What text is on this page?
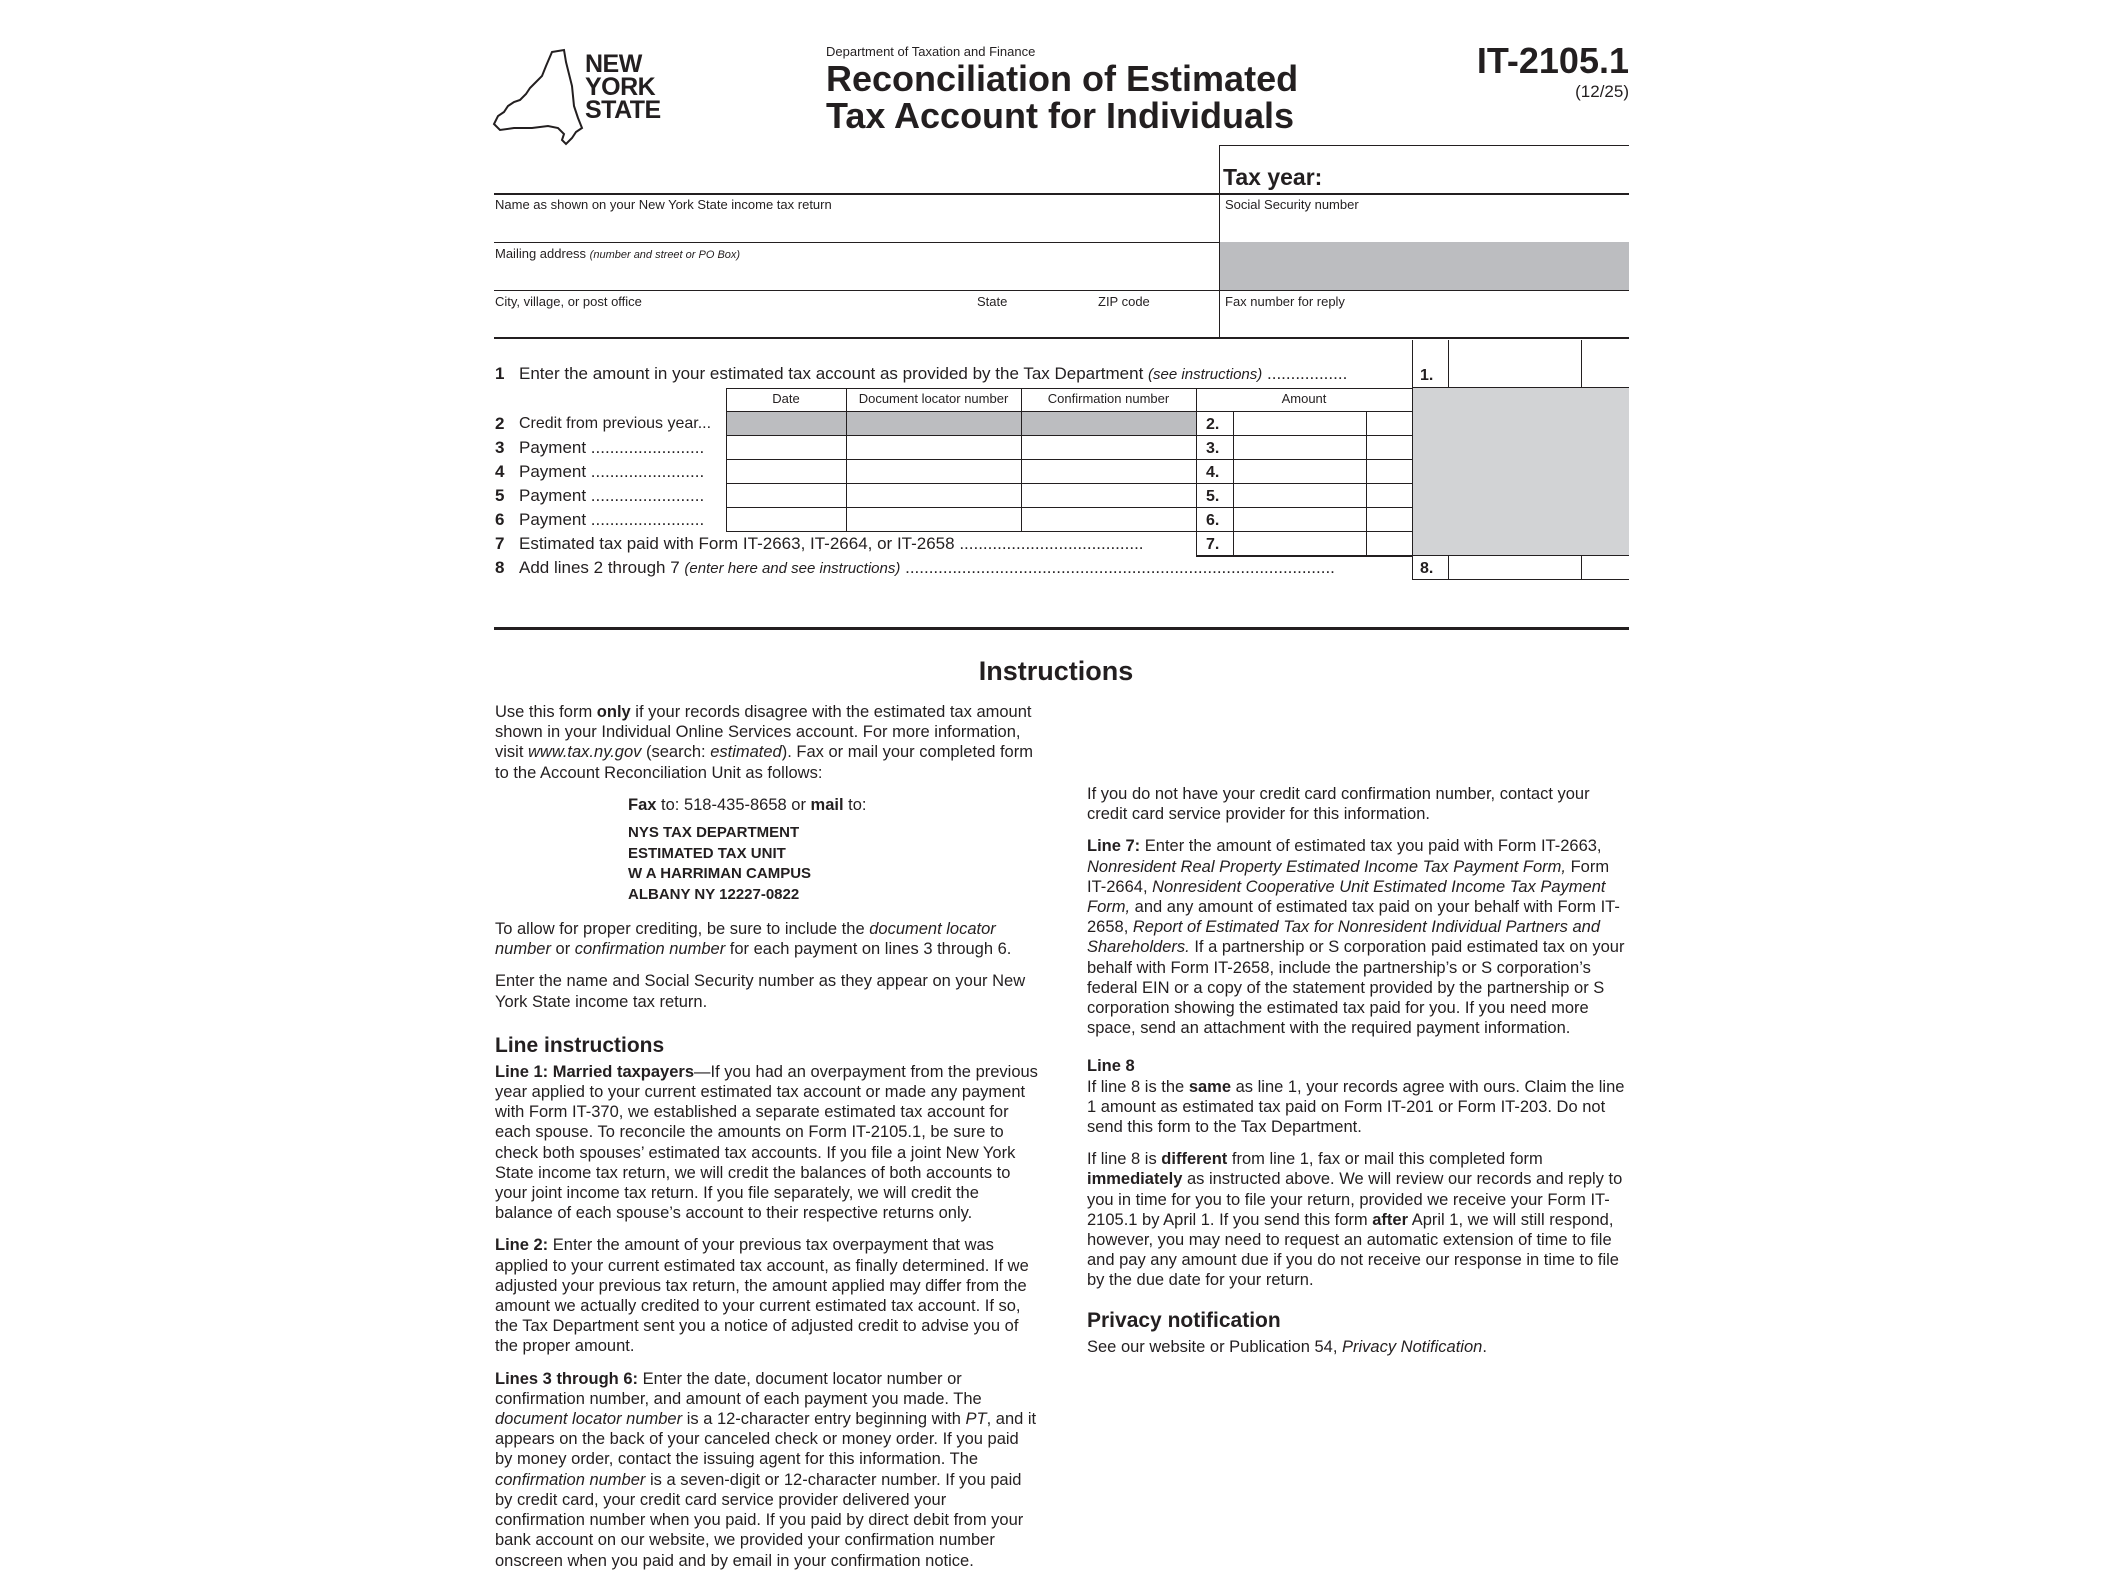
NEW
YORK
STATE
Department of Taxation and Finance
Reconciliation of Estimated
Tax Account for Individuals
IT-2105.1
(12/25)
Tax year:
Name as shown on your New York State income tax return	Social Security number
Mailing address (number and street or PO Box)
City, village, or post office	State	ZIP code	Fax number for reply
1 Enter the amount in your estimated tax account as provided by the Tax Department (see instructions) .................	1.
Date	Document locator number	Confirmation number	Amount
2 Credit from previous year...	2.
3 Payment ........................	3.
4 Payment ........................	4.
5 Payment ........................	5.
6 Payment ........................	6.
7 Estimated tax paid with Form IT-2663, IT-2664, or IT-2658 .......................................	7.
8 Add lines 2 through 7 (enter here and see instructions) ...........................................................................................	8.
Instructions

Use this form only if your records disagree with the estimated tax amount shown in your Individual Online Services account. For more information, visit www.tax.ny.gov (search: estimated). Fax or mail your completed form to the Account Reconciliation Unit as follows:

Fax to: 518-435-8658 or mail to:

NYS TAX DEPARTMENT
ESTIMATED TAX UNIT
W A HARRIMAN CAMPUS
ALBANY NY 12227-0822

To allow for proper crediting, be sure to include the document locator number or confirmation number for each payment on lines 3 through 6.

Enter the name and Social Security number as they appear on your New York State income tax return.

Line instructions

Line 1: Married taxpayers—If you had an overpayment from the previous year applied to your current estimated tax account or made any payment with Form IT-370, we established a separate estimated tax account for each spouse. To reconcile the amounts on Form IT-2105.1, be sure to check both spouses’ estimated tax accounts. If you file a joint New York State income tax return, we will credit the balances of both accounts to your joint income tax return. If you file separately, we will credit the balance of each spouse’s account to their respective returns only.

Line 2: Enter the amount of your previous tax overpayment that was applied to your current estimated tax account, as finally determined. If we adjusted your previous tax return, the amount applied may differ from the amount we actually credited to your current estimated tax account. If so, the Tax Department sent you a notice of adjusted credit to advise you of the proper amount.

Lines 3 through 6: Enter the date, document locator number or confirmation number, and amount of each payment you made. The document locator number is a 12-character entry beginning with PT, and it appears on the back of your canceled check or money order. If you paid by money order, contact the issuing agent for this information. The confirmation number is a seven-digit or 12-character number. If you paid by credit card, your credit card service provider delivered your confirmation number when you paid. If you paid by direct debit from your bank account on our website, we provided your confirmation number onscreen when you paid and by email in your confirmation notice.

If you do not have your credit card confirmation number, contact your credit card service provider for this information.

Line 7: Enter the amount of estimated tax you paid with Form IT-2663, Nonresident Real Property Estimated Income Tax Payment Form, Form IT-2664, Nonresident Cooperative Unit Estimated Income Tax Payment Form, and any amount of estimated tax paid on your behalf with Form IT-2658, Report of Estimated Tax for Nonresident Individual Partners and Shareholders. If a partnership or S corporation paid estimated tax on your behalf with Form IT-2658, include the partnership’s or S corporation’s federal EIN or a copy of the statement provided by the partnership or S corporation showing the estimated tax paid for you. If you need more space, send an attachment with the required payment information.

Line 8

If line 8 is the same as line 1, your records agree with ours. Claim the line 1 amount as estimated tax paid on Form IT-201 or Form IT-203. Do not send this form to the Tax Department.

If line 8 is different from line 1, fax or mail this completed form immediately as instructed above. We will review our records and reply to you in time for you to file your return, provided we receive your Form IT-2105.1 by April 1. If you send this form after April 1, we will still respond, however, you may need to request an automatic extension of time to file and pay any amount due if you do not receive our response in time to file by the due date for your return.

Privacy notification

See our website or Publication 54, Privacy Notification.
